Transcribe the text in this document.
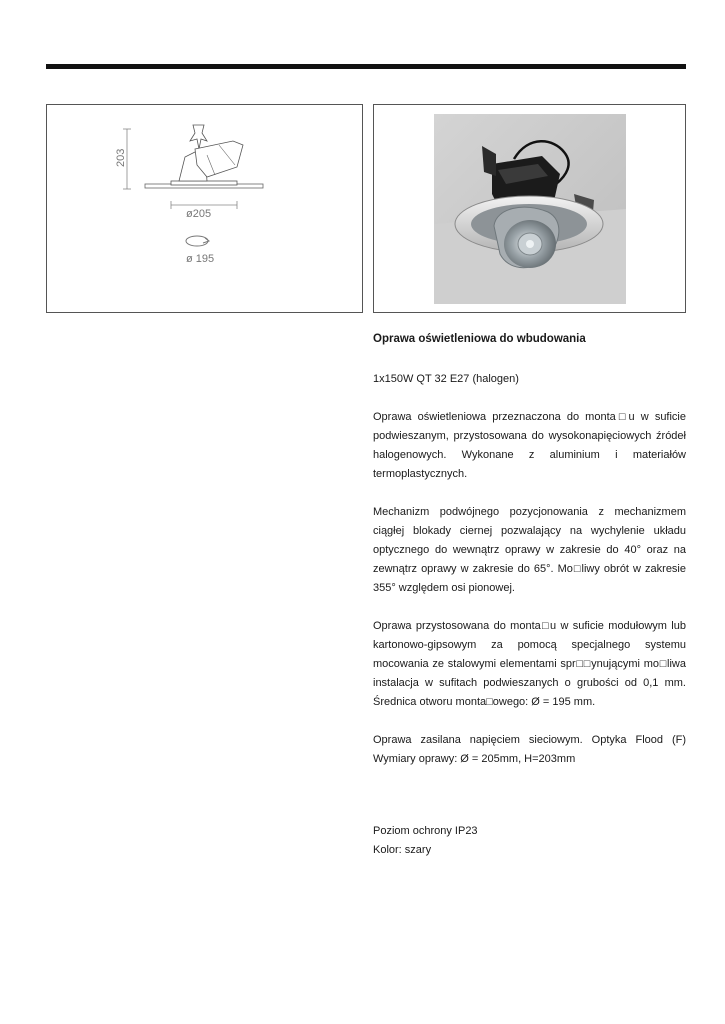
203
ø205
ø 195

Oprawa oświetleniowa do wbudowania

1x150W QT 32 E27 (halogen)

Oprawa oświetleniowa przeznaczona do monta□u w suficie podwieszanym, przystosowana do wysokonapięciowych źródeł halogenowych. Wykonane z aluminium i materiałów termoplastycznych.

Mechanizm podwójnego pozycjonowania z mechanizmem ciągłej blokady ciernej pozwalający na wychylenie układu optycznego do wewnątrz oprawy w zakresie do 40° oraz na zewnątrz oprawy w zakresie do 65°. Mo□liwy obrót w zakresie 355° względem osi pionowej.

Oprawa przystosowana do monta□u w suficie modułowym lub kartonowo-gipsowym za pomocą specjalnego systemu mocowania ze stalowymi elementami spr□□ynującymi mo□liwa instalacja w sufitach podwieszanych o grubości od 0,1 mm. Średnica otworu monta□owego: Ø = 195 mm.

Oprawa zasilana napięciem sieciowym. Optyka Flood (F) Wymiary oprawy: Ø = 205mm, H=203mm

Poziom ochrony IP23

Kolor: szary
